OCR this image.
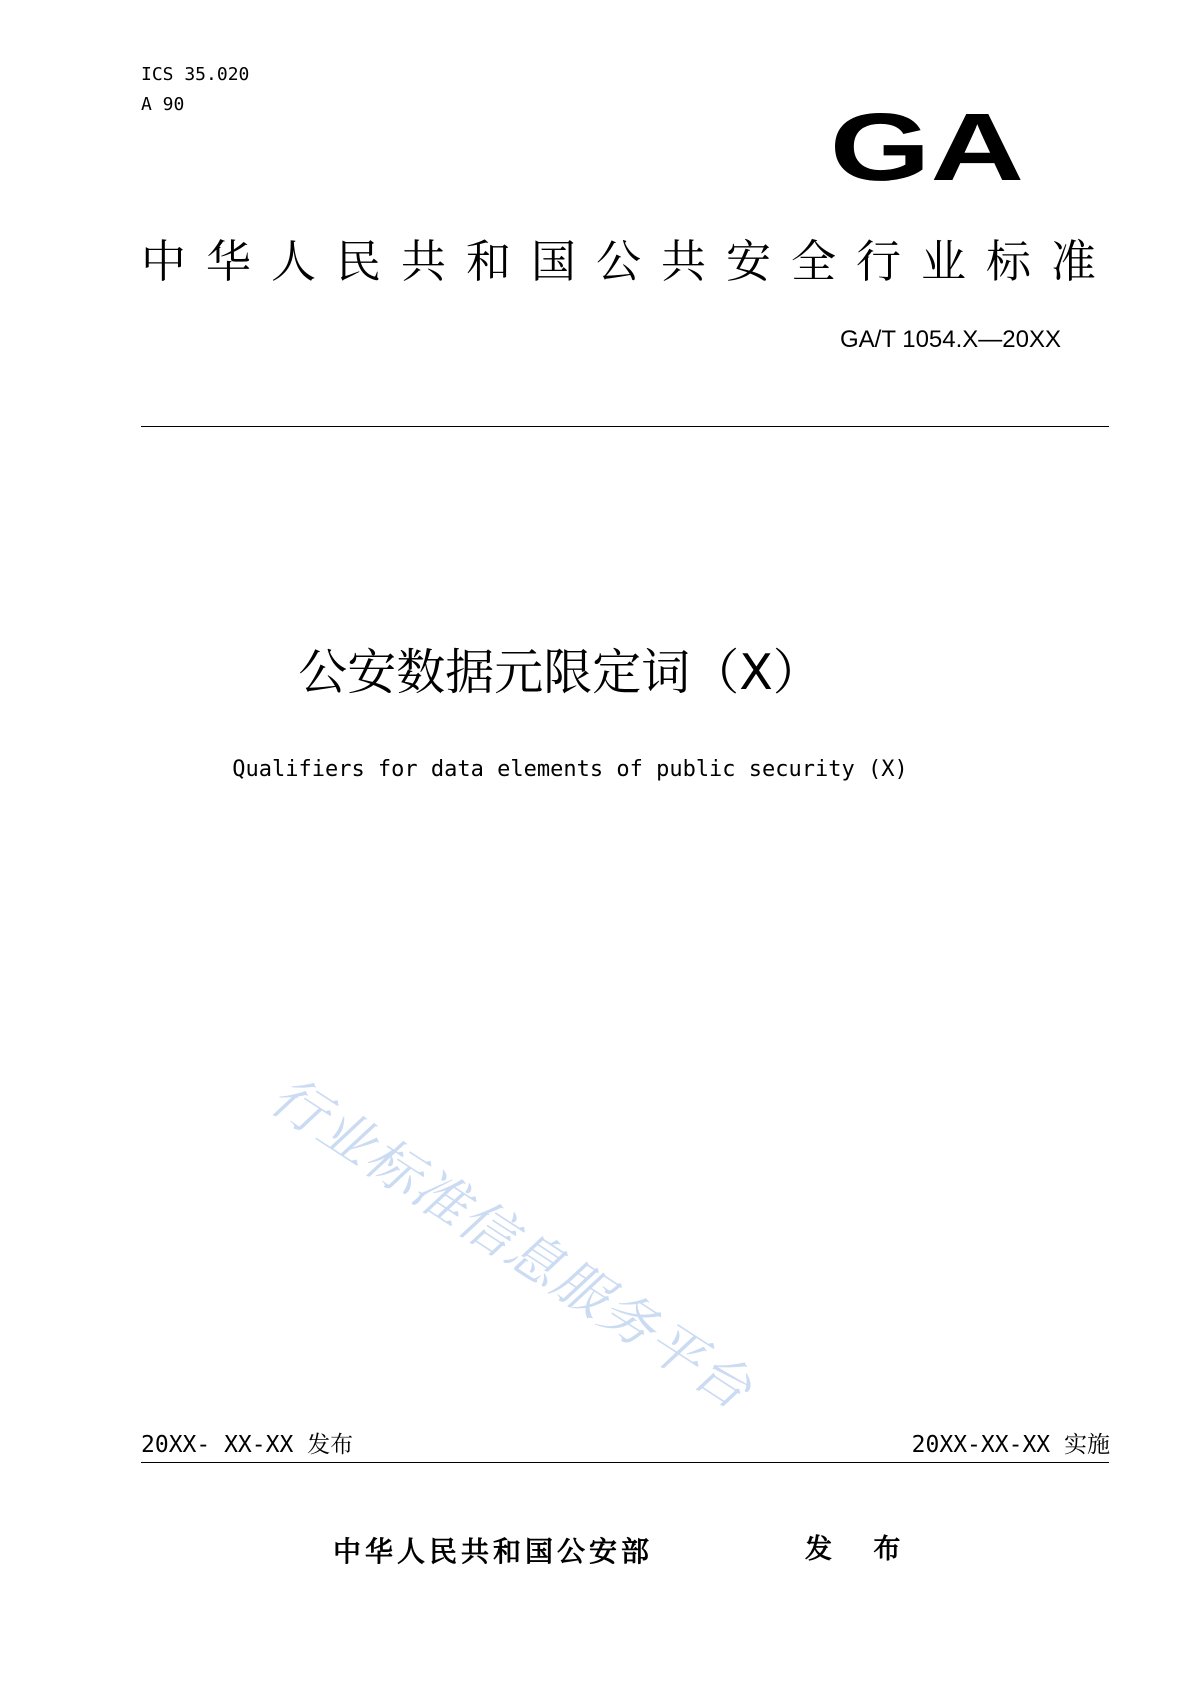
ICS 35.020
A 90	GA
中华人民共和国公共安全行业标准
GA/T 1054.X—20XX
公安数据元限定词（X）
Qualifiers for data elements of public security (X)
行业标准信息服务平台
20XX- XX-XX 发布	20XX-XX-XX 实施
中华人民共和国公安部	发 布
